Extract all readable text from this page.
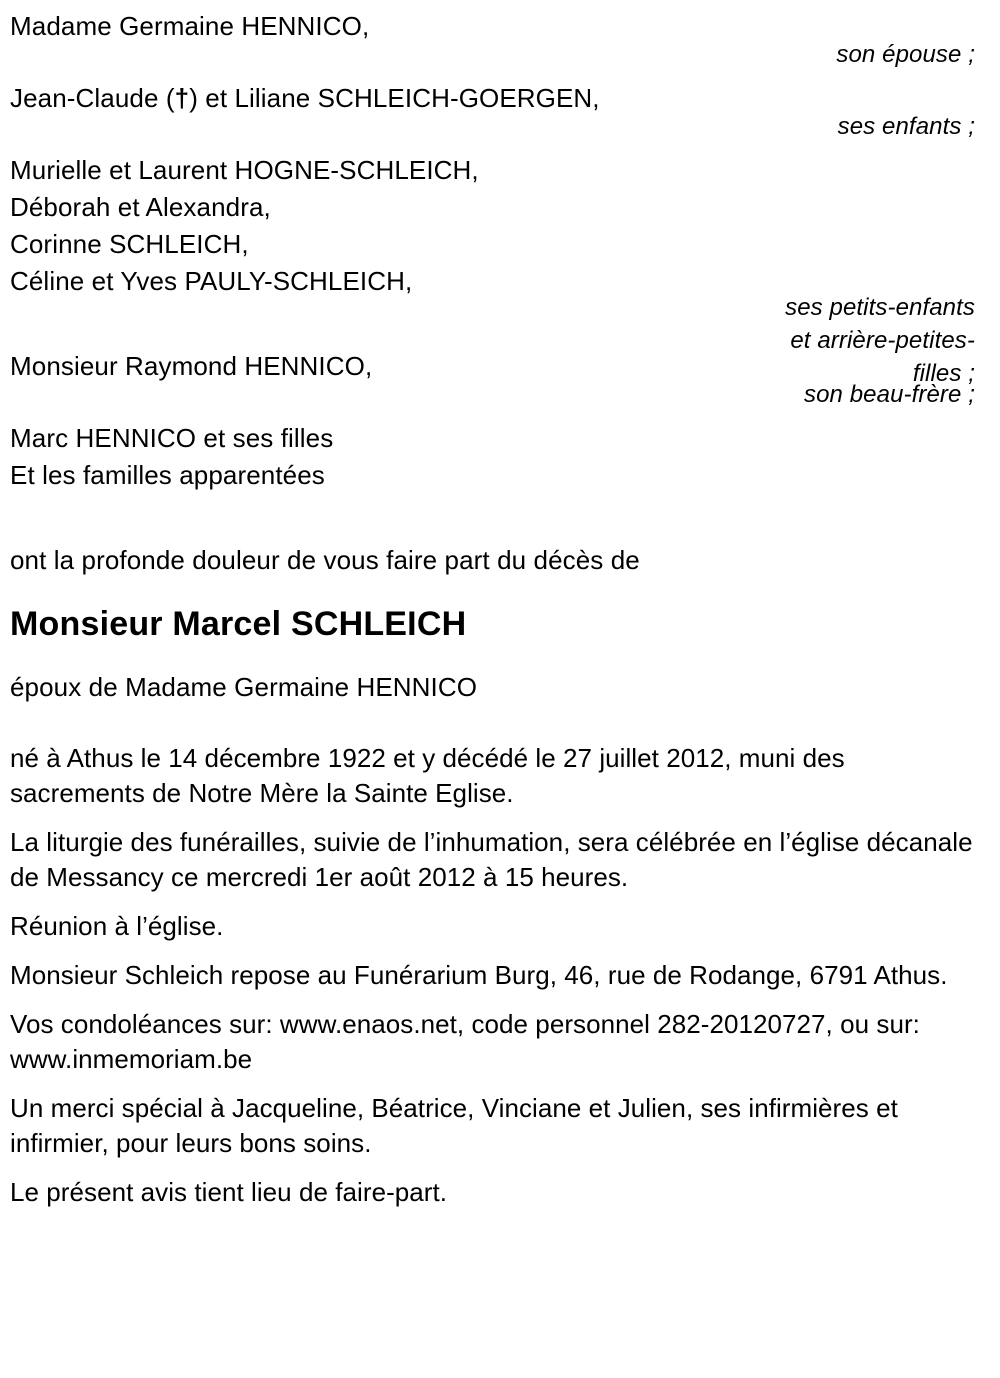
Madame Germaine HENNICO,
son épouse ;
Jean-Claude (†) et Liliane SCHLEICH-GOERGEN,
ses enfants ;
Murielle et Laurent HOGNE-SCHLEICH,
Déborah et Alexandra,
Corinne SCHLEICH,
Céline et Yves PAULY-SCHLEICH,
ses petits-enfants
et arrière-petites-
filles ;
Monsieur Raymond HENNICO,
son beau-frère ;
Marc HENNICO et ses filles
Et les familles apparentées
ont la profonde douleur de vous faire part du décès de
Monsieur Marcel SCHLEICH
époux de Madame Germaine HENNICO
né à Athus le 14 décembre 1922 et y décédé le 27 juillet 2012, muni des sacrements de Notre Mère la Sainte Eglise.
La liturgie des funérailles, suivie de l’inhumation, sera célébrée en l’église décanale de Messancy ce mercredi 1er août 2012 à 15 heures.
Réunion à l’église.
Monsieur Schleich repose au Funérarium Burg, 46, rue de Rodange, 6791 Athus.
Vos condoléances sur: www.enaos.net, code personnel 282-20120727, ou sur: www.inmemoriam.be
Un merci spécial à Jacqueline, Béatrice, Vinciane et Julien, ses infirmières et infirmier, pour leurs bons soins.
Le présent avis tient lieu de faire-part.
